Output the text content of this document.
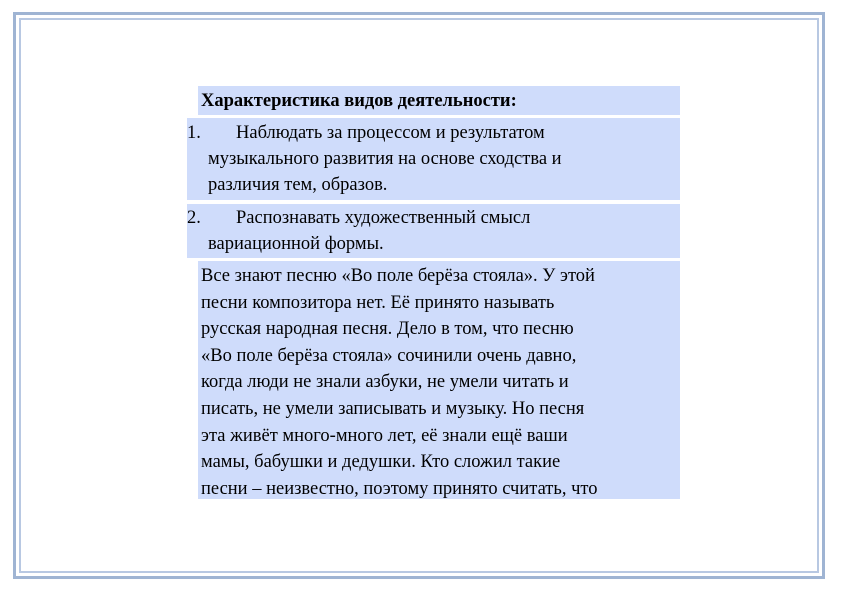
Характеристика видов деятельности:
1. Наблюдать за процессом и результатом
музыкального развития на основе сходства и
различия тем, образов.
2. Распознавать художественный смысл
вариационной формы.
Все знают песню «Во поле берёза стояла». У этой
песни композитора нет. Её принято называть
русская народная песня. Дело в том, что песню
«Во поле берёза стояла» сочинили очень давно,
когда люди не знали азбуки, не умели читать и
писать, не умели записывать и музыку. Но песня
эта живёт много-много лет, её знали ещё ваши
мамы, бабушки и дедушки. Кто сложил такие
песни – неизвестно, поэтому принято считать, что
